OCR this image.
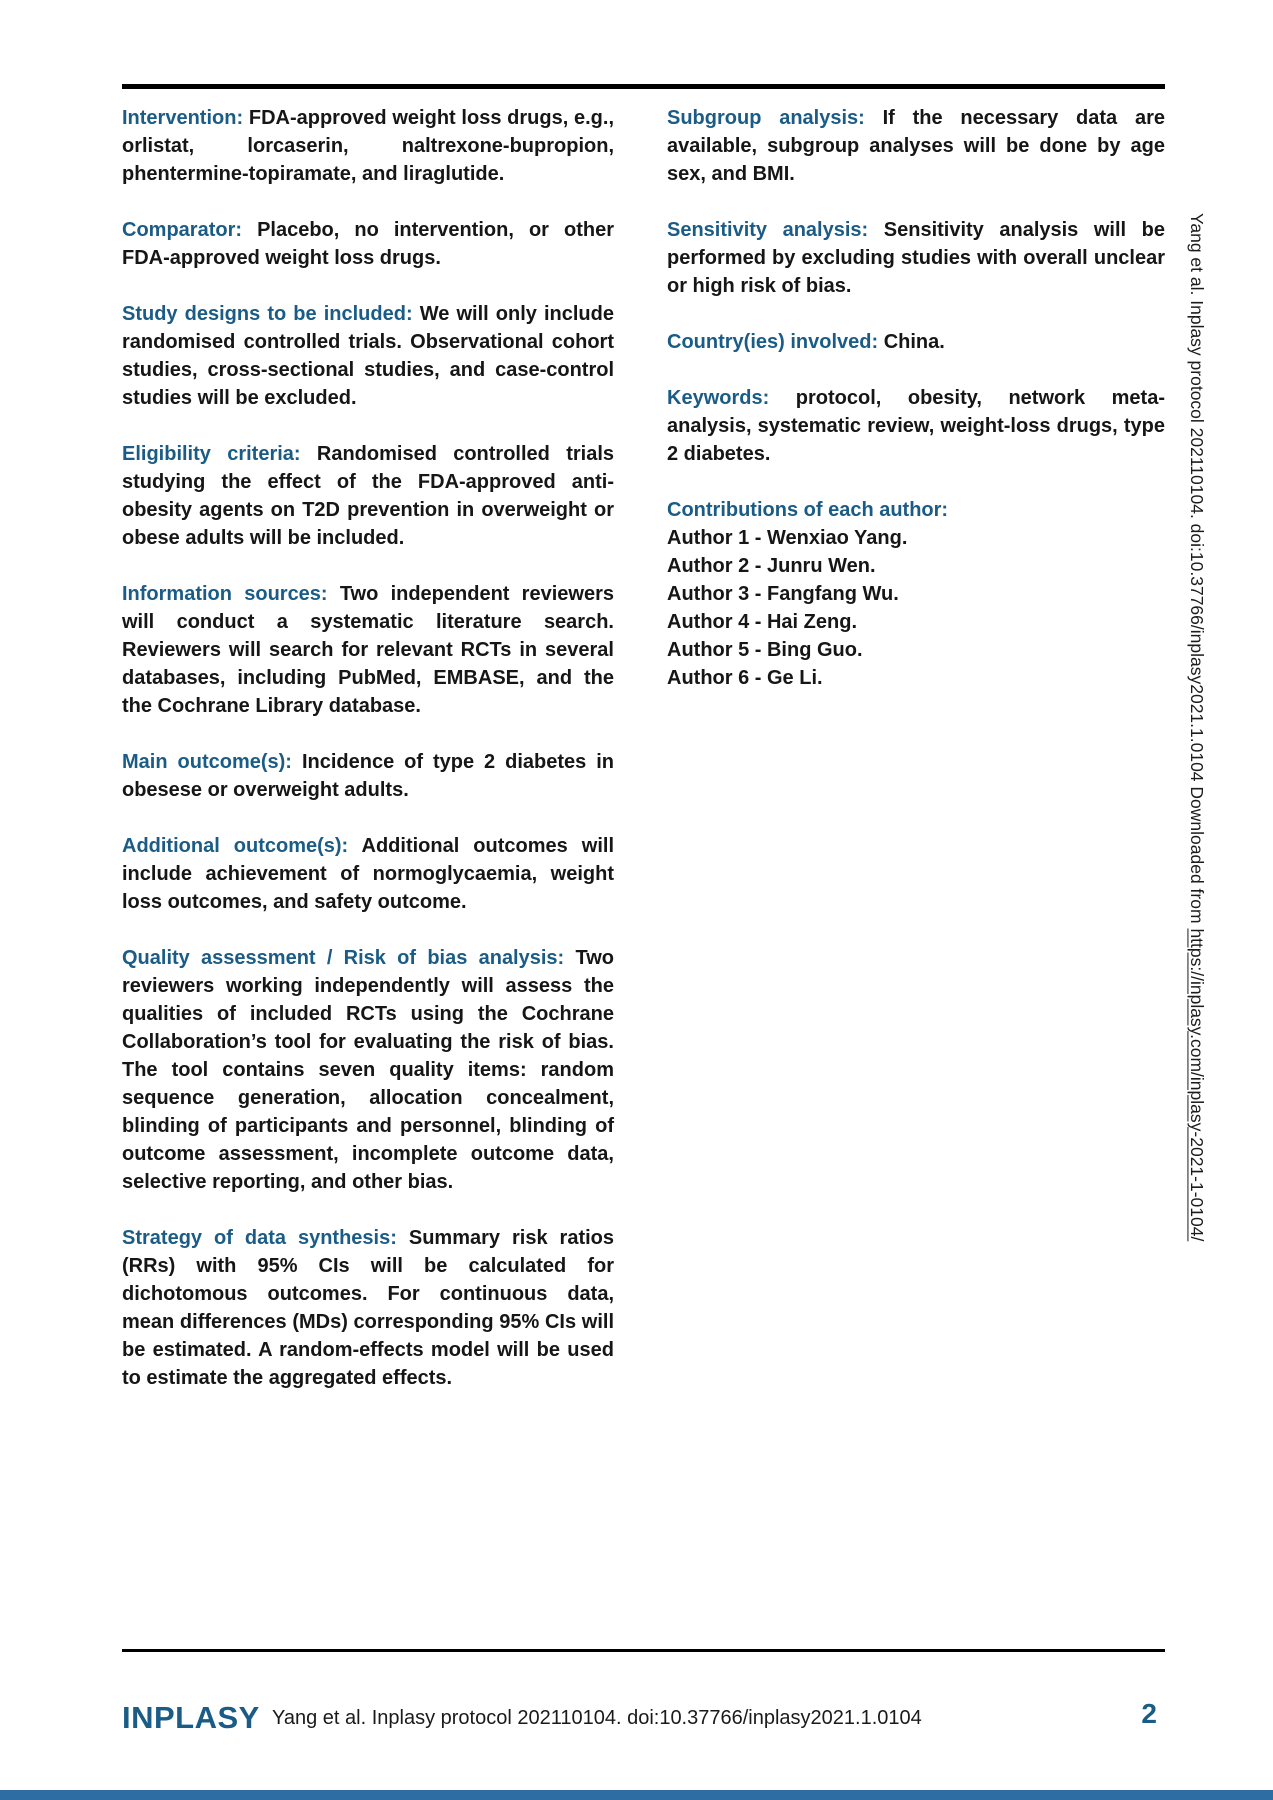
Intervention: FDA-approved weight loss drugs, e.g., orlistat, lorcaserin, naltrexone-bupropion, phentermine-topiramate, and liraglutide.

Comparator: Placebo, no intervention, or other FDA-approved weight loss drugs.

Study designs to be included: We will only include randomised controlled trials. Observational cohort studies, cross-sectional studies, and case-control studies will be excluded.

Eligibility criteria: Randomised controlled trials studying the effect of the FDA-approved anti-obesity agents on T2D prevention in overweight or obese adults will be included.

Information sources: Two independent reviewers will conduct a systematic literature search. Reviewers will search for relevant RCTs in several databases, including PubMed, EMBASE, and the the Cochrane Library database.

Main outcome(s): Incidence of type 2 diabetes in obesese or overweight adults.

Additional outcome(s): Additional outcomes will include achievement of normoglycaemia, weight loss outcomes, and safety outcome.

Quality assessment / Risk of bias analysis: Two reviewers working independently will assess the qualities of included RCTs using the Cochrane Collaboration’s tool for evaluating the risk of bias. The tool contains seven quality items: random sequence generation, allocation concealment, blinding of participants and personnel, blinding of outcome assessment, incomplete outcome data, selective reporting, and other bias.

Strategy of data synthesis: Summary risk ratios (RRs) with 95% CIs will be calculated for dichotomous outcomes. For continuous data, mean differences (MDs) corresponding 95% CIs will be estimated. A random-effects model will be used to estimate the aggregated effects.

Subgroup analysis: If the necessary data are available, subgroup analyses will be done by age sex, and BMI.

Sensitivity analysis: Sensitivity analysis will be performed by excluding studies with overall unclear or high risk of bias.

Country(ies) involved: China.

Keywords: protocol, obesity, network meta-analysis, systematic review, weight-loss drugs, type 2 diabetes.

Contributions of each author:
Author 1 - Wenxiao Yang.
Author 2 - Junru Wen.
Author 3 - Fangfang Wu.
Author 4 - Hai Zeng.
Author 5 - Bing Guo.
Author 6 - Ge Li.	Yang et al. Inplasy protocol 202110104. doi:10.37766/inplasy2021.1.0104 Downloaded from https://inplasy.com/inplasy-2021-1-0104/
INPLASY Yang et al. Inplasy protocol 202110104. doi:10.37766/inplasy2021.1.0104	2
